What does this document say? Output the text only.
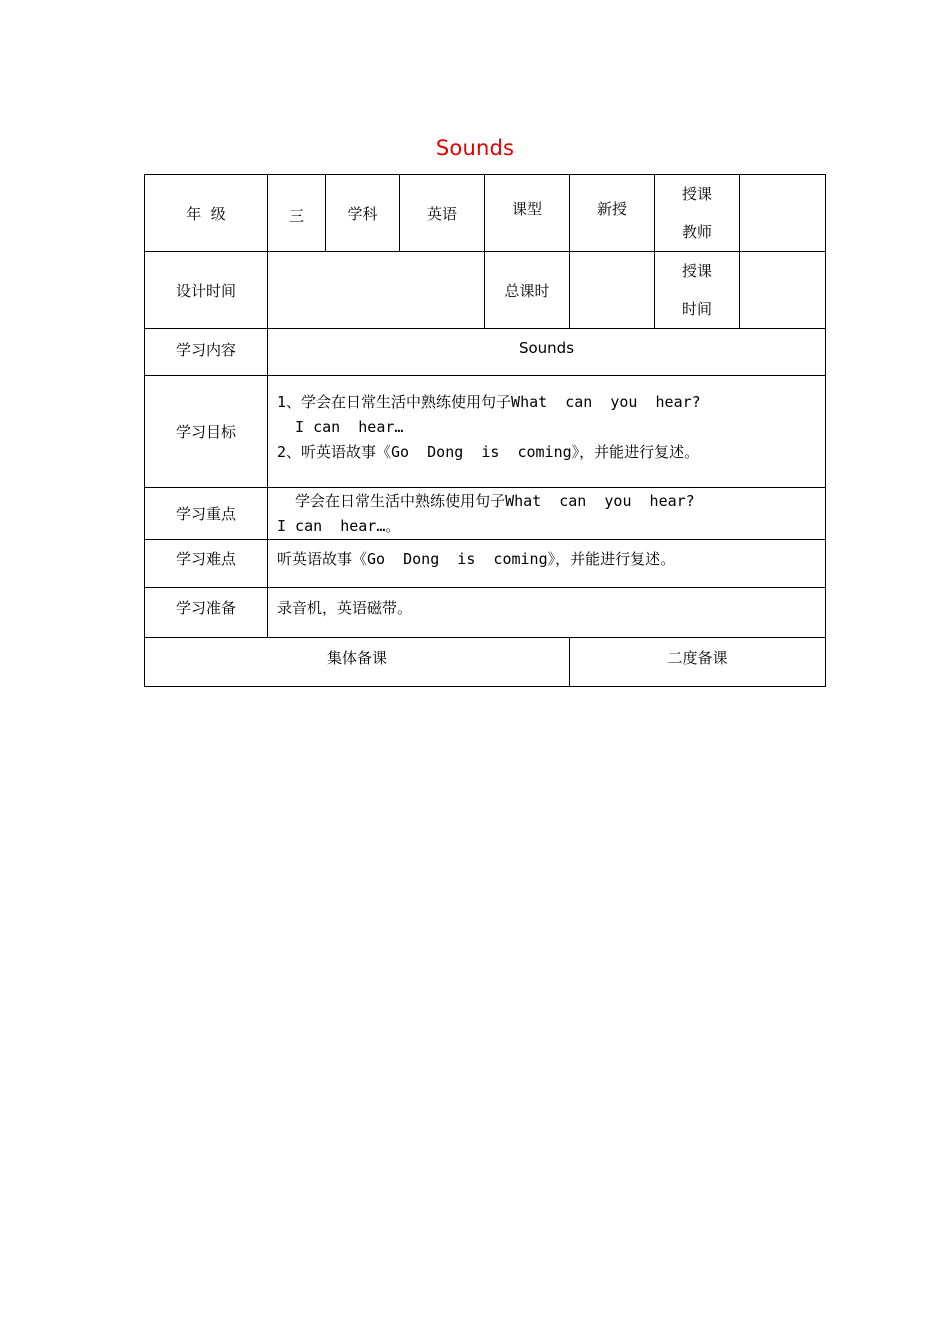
Sounds
年  级	三	学科	英语	课型	新授	授课
教师	

设计时间				总课时		授课
时间	

学习内容	Sounds						
学习目标	1、学会在日常生活中熟练使用句子What  can  you  hear?
I can  hear…
2、听英语故事《Go  Dong  is  coming》，并能进行复述。						

学习重点	学会在日常生活中熟练使用句子What  can  you  hear?
I can  hear…。						

学习难点	听英语故事《Go  Dong  is  coming》，并能进行复述。						
学习准备	录音机，英语磁带。						
集体备课					二度备课		
